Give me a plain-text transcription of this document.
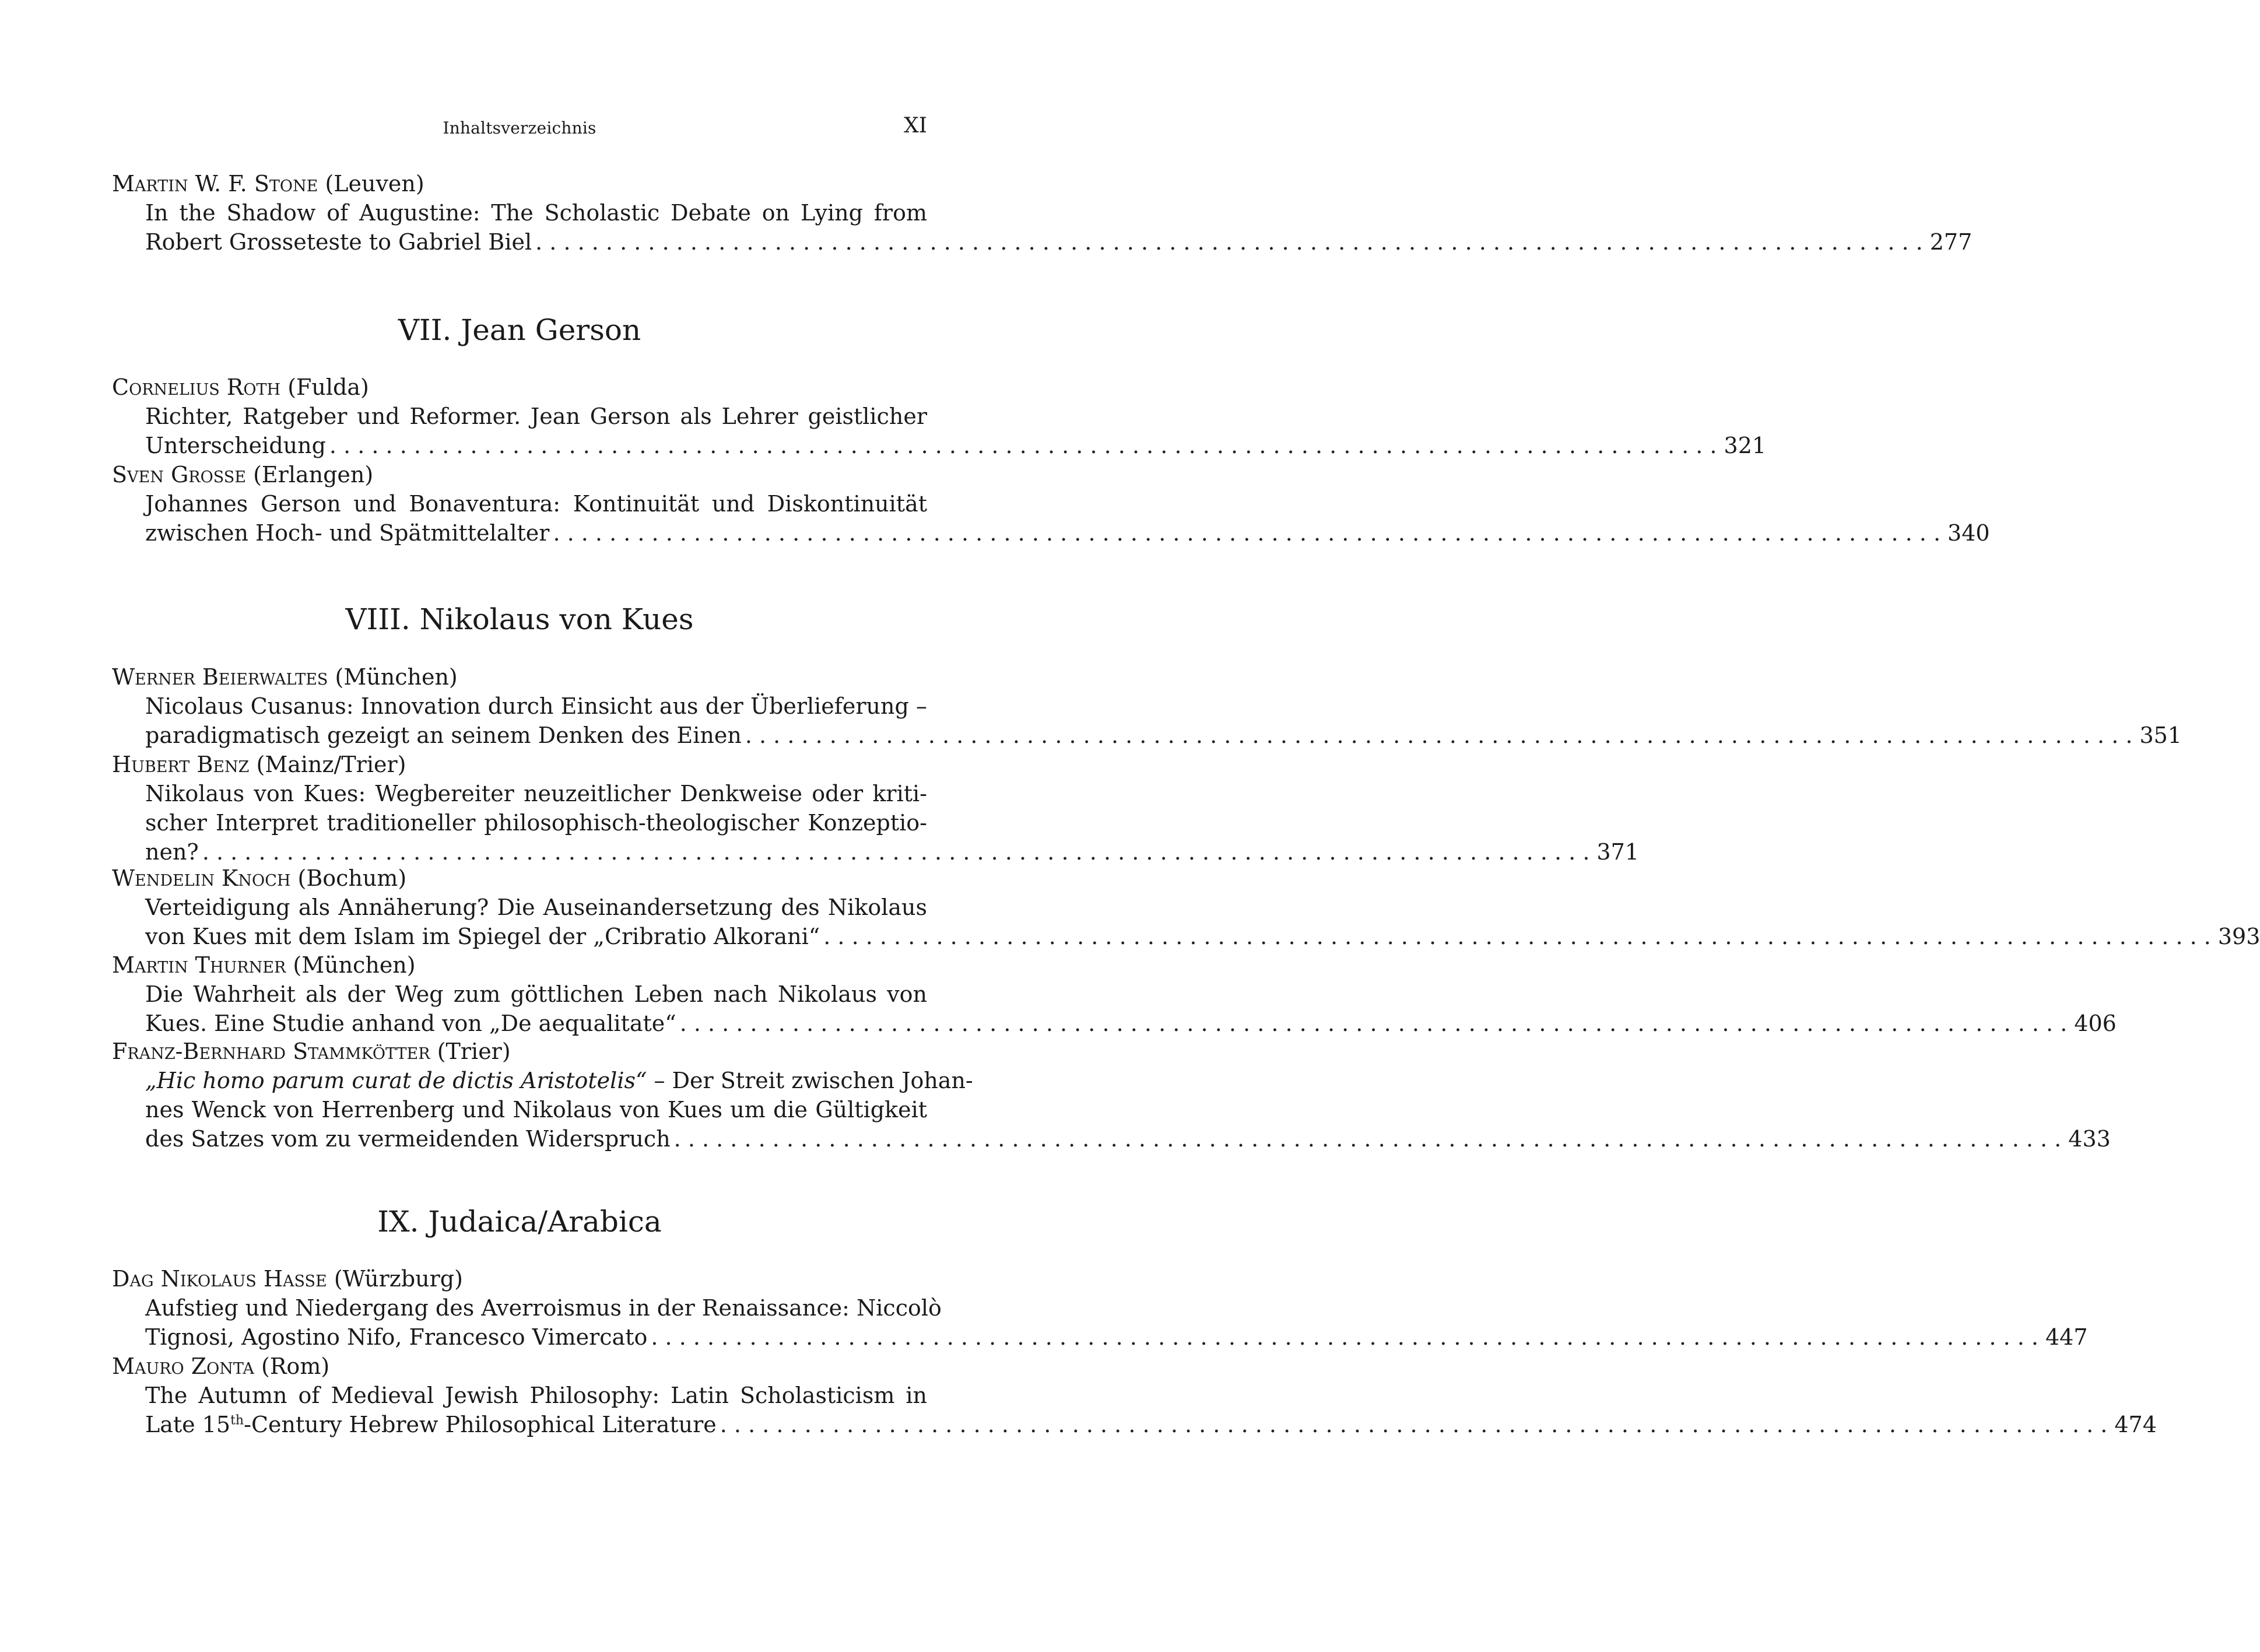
Inhaltsverzeichnis	XI
Martin W. F. Stone (Leuven)
In the Shadow of Augustine: The Scholastic Debate on Lying from
Robert Grosseteste to Gabriel Biel . . .	277
VII. Jean Gerson
Cornelius Roth (Fulda)
Richter, Ratgeber und Reformer. Jean Gerson als Lehrer geistlicher
Unterscheidung . . .	321
Sven Grosse (Erlangen)
Johannes Gerson und Bonaventura: Kontinuität und Diskontinuität
zwischen Hoch- und Spätmittelalter . . .	340
VIII. Nikolaus von Kues
Werner Beierwaltes (München)
Nicolaus Cusanus: Innovation durch Einsicht aus der Überlieferung –
paradigmatisch gezeigt an seinem Denken des Einen . . .	351
Hubert Benz (Mainz/Trier)
Nikolaus von Kues: Wegbereiter neuzeitlicher Denkweise oder kriti-
scher Interpret traditioneller philosophisch-theologischer Konzeptio-
nen? . . .	371
Wendelin Knoch (Bochum)
Verteidigung als Annäherung? Die Auseinandersetzung des Nikolaus
von Kues mit dem Islam im Spiegel der „Cribratio Alkorani“ . . .	393
Martin Thurner (München)
Die Wahrheit als der Weg zum göttlichen Leben nach Nikolaus von
Kues. Eine Studie anhand von „De aequalitate“ . . .	406
Franz-Bernhard Stammkötter (Trier)
„Hic homo parum curat de dictis Aristotelis“ – Der Streit zwischen Johan-
nes Wenck von Herrenberg und Nikolaus von Kues um die Gültigkeit
des Satzes vom zu vermeidenden Widerspruch . . .	433
IX. Judaica/Arabica
Dag Nikolaus Hasse (Würzburg)
Aufstieg und Niedergang des Averroismus in der Renaissance: Niccolò
Tignosi, Agostino Nifo, Francesco Vimercato . . .	447
Mauro Zonta (Rom)
The Autumn of Medieval Jewish Philosophy: Latin Scholasticism in
Late 15th-Century Hebrew Philosophical Literature . . .	474
